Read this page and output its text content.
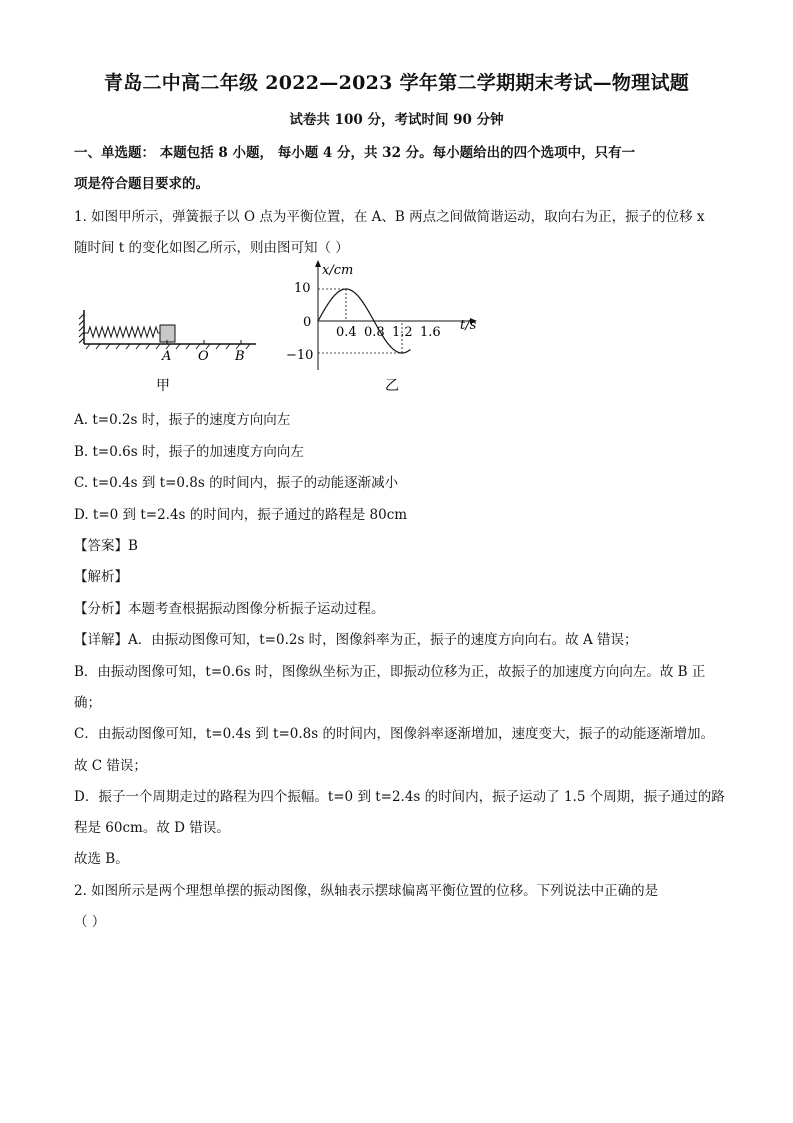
青岛二中高二年级 2022—2023 学年第二学期期末考试—物理试题
试卷共 100 分，考试时间 90 分钟
一、单选题： 本题包括 8 小题， 每小题 4 分，共 32 分。每小题给出的四个选项中，只有一
项是符合题目要求的。
1. 如图甲所示，弹簧振子以 O 点为平衡位置，在 A、B 两点之间做简谐运动，取向右为正，振子的位移 x
随时间 t 的变化如图乙所示，则由图可知（ ）
A O B
甲
x/cm
t/s
0
10
−10
0.4 0.8 1.2 1.6
乙
A. t=0.2s 时，振子的速度方向向左
B. t=0.6s 时，振子的加速度方向向左
C. t=0.4s 到 t=0.8s 的时间内，振子的动能逐渐减小
D. t=0 到 t=2.4s 的时间内，振子通过的路程是 80cm
【答案】B
【解析】
【分析】本题考查根据振动图像分析振子运动过程。
【详解】A．由振动图像可知，t=0.2s 时，图像斜率为正，振子的速度方向向右。故 A 错误；
B．由振动图像可知，t=0.6s 时，图像纵坐标为正，即振动位移为正，故振子的加速度方向向左。故 B 正
确；
C．由振动图像可知，t=0.4s 到 t=0.8s 的时间内，图像斜率逐渐增加，速度变大，振子的动能逐渐增加。
故 C 错误；
D．振子一个周期走过的路程为四个振幅。t=0 到 t=2.4s 的时间内，振子运动了 1.5 个周期，振子通过的路
程是 60cm。故 D 错误。
故选 B。
2. 如图所示是两个理想单摆的振动图像，纵轴表示摆球偏离平衡位置的位移。下列说法中正确的是
（ ）
